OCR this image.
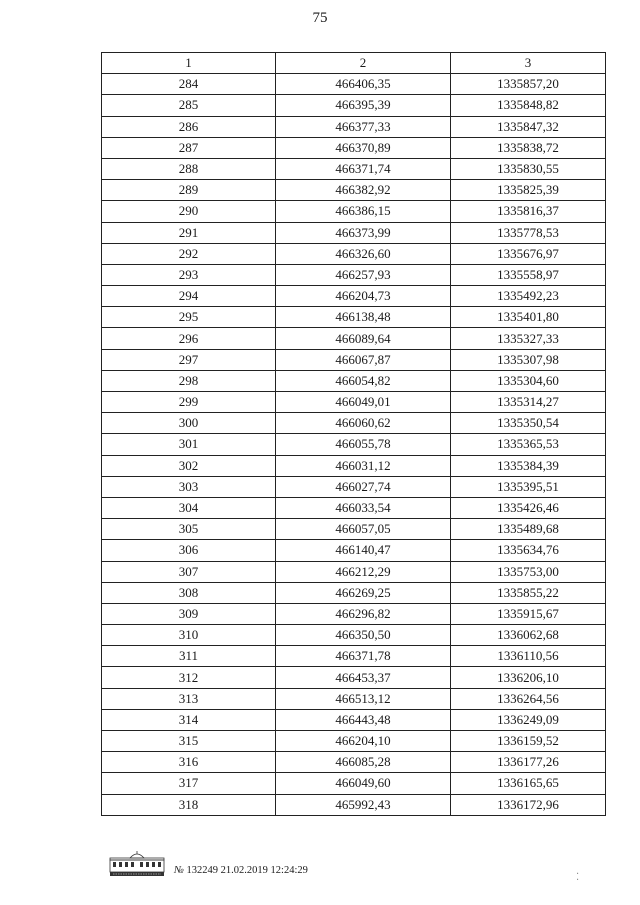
75
1	2	3
284	466406,35	1335857,20
285	466395,39	1335848,82
286	466377,33	1335847,32
287	466370,89	1335838,72
288	466371,74	1335830,55
289	466382,92	1335825,39
290	466386,15	1335816,37
291	466373,99	1335778,53
292	466326,60	1335676,97
293	466257,93	1335558,97
294	466204,73	1335492,23
295	466138,48	1335401,80
296	466089,64	1335327,33
297	466067,87	1335307,98
298	466054,82	1335304,60
299	466049,01	1335314,27
300	466060,62	1335350,54
301	466055,78	1335365,53
302	466031,12	1335384,39
303	466027,74	1335395,51
304	466033,54	1335426,46
305	466057,05	1335489,68
306	466140,47	1335634,76
307	466212,29	1335753,00
308	466269,25	1335855,22
309	466296,82	1335915,67
310	466350,50	1336062,68
311	466371,78	1336110,56
312	466453,37	1336206,10
313	466513,12	1336264,56
314	466443,48	1336249,09
315	466204,10	1336159,52
316	466085,28	1336177,26
317	466049,60	1336165,65
318	465992,43	1336172,96
№ 132249 21.02.2019 12:24:29
⁚
